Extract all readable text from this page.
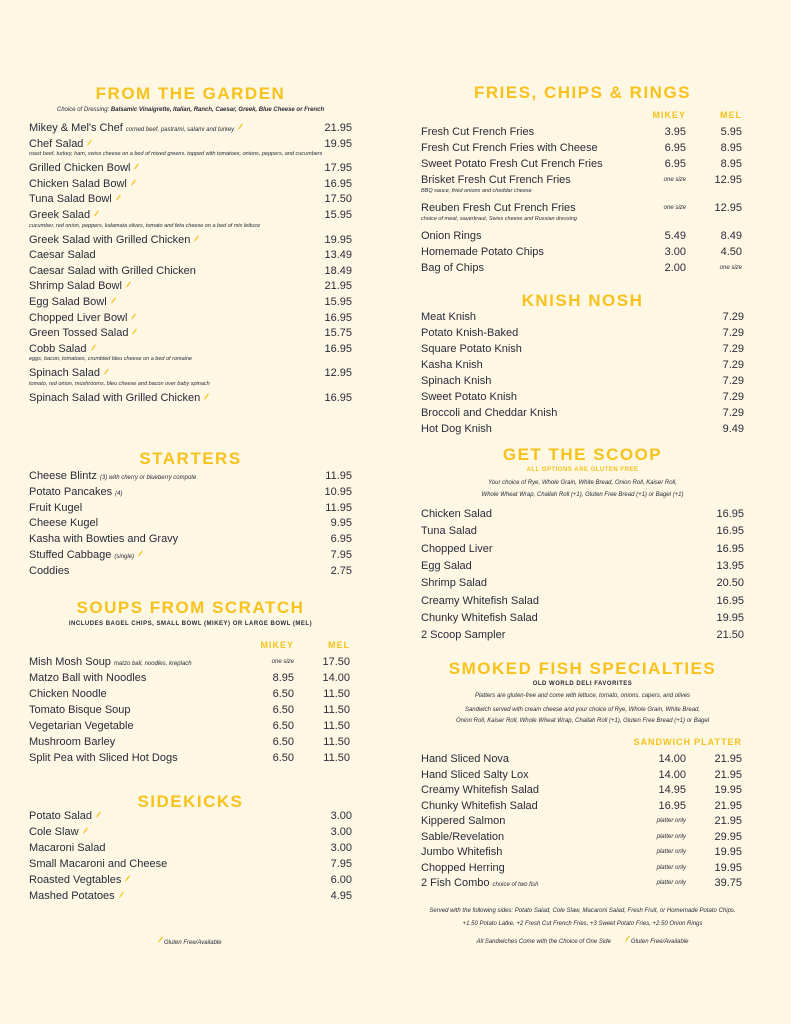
FROM THE GARDEN
Choice of Dressing: Balsamic Vinaigrette, Italian, Ranch, Caesar, Greek, Blue Cheese or French
Mikey & Mel's Chef corned beef, pastrami, salami and turkey	21.95
Chef Salad	19.95
roast beef, turkey, ham, swiss cheese on a bed of mixed greens. topped with tomatoes, onions, peppers, and cucumbers
Grilled Chicken Bowl	17.95
Chicken Salad Bowl	16.95
Tuna Salad Bowl	17.50
Greek Salad	15.95
cucumber, red onion, peppers, kalamata olives, tomato and feta cheese on a bed of mix lettuce
Greek Salad with Grilled Chicken	19.95
Caesar Salad	13.49
Caesar Salad with Grilled Chicken	18.49
Shrimp Salad Bowl	21.95
Egg Salad Bowl	15.95
Chopped Liver Bowl	16.95
Green Tossed Salad	15.75
Cobb Salad	16.95
eggs, bacon, tomatoes, crumbled bleu cheese on a bed of romaine
Spinach Salad	12.95
tomato, red onion, mushrooms, bleu cheese and bacon over baby spinach
Spinach Salad with Grilled Chicken	16.95
STARTERS
Cheese Blintz (3) with cherry or blueberry compote	11.95
Potato Pancakes (4)	10.95
Fruit Kugel	11.95
Cheese Kugel	9.95
Kasha with Bowties and Gravy	6.95
Stuffed Cabbage (single)	7.95
Coddies	2.75
SOUPS FROM SCRATCH
INCLUDES BAGEL CHIPS, SMALL BOWL (MIKEY) OR LARGE BOWL (MEL)
MIKEY	MEL
Mish Mosh Soup matzo ball, noodles, kreplach	one size	17.50
Matzo Ball with Noodles	8.95	14.00
Chicken Noodle	6.50	11.50
Tomato Bisque Soup	6.50	11.50
Vegetarian Vegetable	6.50	11.50
Mushroom Barley	6.50	11.50
Split Pea with Sliced Hot Dogs	6.50	11.50
SIDEKICKS
Potato Salad	3.00
Cole Slaw	3.00
Macaroni Salad	3.00
Small Macaroni and Cheese	7.95
Roasted Vegtables	6.00
Mashed Potatoes	4.95
Gluten Free/Available
FRIES, CHIPS & RINGS
MIKEY	MEL
Fresh Cut French Fries	3.95	5.95
Fresh Cut French Fries with Cheese	6.95	8.95
Sweet Potato Fresh Cut French Fries	6.95	8.95
Brisket Fresh Cut French Fries	one size	12.95
BBQ sauce, fried onions and cheddar cheese
Reuben Fresh Cut French Fries	one size	12.95
choice of meat, sauerkraut, Swiss cheese and Russian dressing
Onion Rings	5.49	8.49
Homemade Potato Chips	3.00	4.50
Bag of Chips	2.00	one size
KNISH NOSH
Meat Knish	7.29
Potato Knish-Baked	7.29
Square Potato Knish	7.29
Kasha Knish	7.29
Spinach Knish	7.29
Sweet Potato Knish	7.29
Broccoli and Cheddar Knish	7.29
Hot Dog Knish	9.49
GET THE SCOOP
ALL OPTIONS ARE GLUTEN FREE
Your choice of Rye, Whole Grain, White Bread, Onion Roll, Kaiser Roll,
Whole Wheat Wrap, Challah Roll (+1), Gluten Free Bread (+1) or Bagel (+1)
Chicken Salad	16.95
Tuna Salad	16.95
Chopped Liver	16.95
Egg Salad	13.95
Shrimp Salad	20.50
Creamy Whitefish Salad	16.95
Chunky Whitefish Salad	19.95
2 Scoop Sampler	21.50
SMOKED FISH SPECIALTIES
OLD WORLD DELI FAVORITES
Platters are gluten-free and come with lettuce, tomato, onions, capers, and olives
Sandwich served with cream cheese and your choice of Rye, Whole Grain, White Bread,
Onion Roll, Kaiser Roll, Whole Wheat Wrap, Challah Roll (+1), Gluten Free Bread (+1) or Bagel
SANDWICH PLATTER
Hand Sliced Nova	14.00	21.95
Hand Sliced Salty Lox	14.00	21.95
Creamy Whitefish Salad	14.95	19.95
Chunky Whitefish Salad	16.95	21.95
Kippered Salmon	platter only	21.95
Sable/Revelation	platter only	29.95
Jumbo Whitefish	platter only	19.95
Chopped Herring	platter only	19.95
2 Fish Combo choice of two fish	platter only	39.75
Served with the following sides: Potato Salad, Cole Slaw, Macaroni Salad, Fresh Fruit, or Homemade Potato Chips.
+1.50 Potato Latke, +2 Fresh Cut French Fries, +3 Sweet Potato Fries, +2.50 Onion Rings
All Sandwiches Come with the Choice of One Side	Gluten Free/Available
